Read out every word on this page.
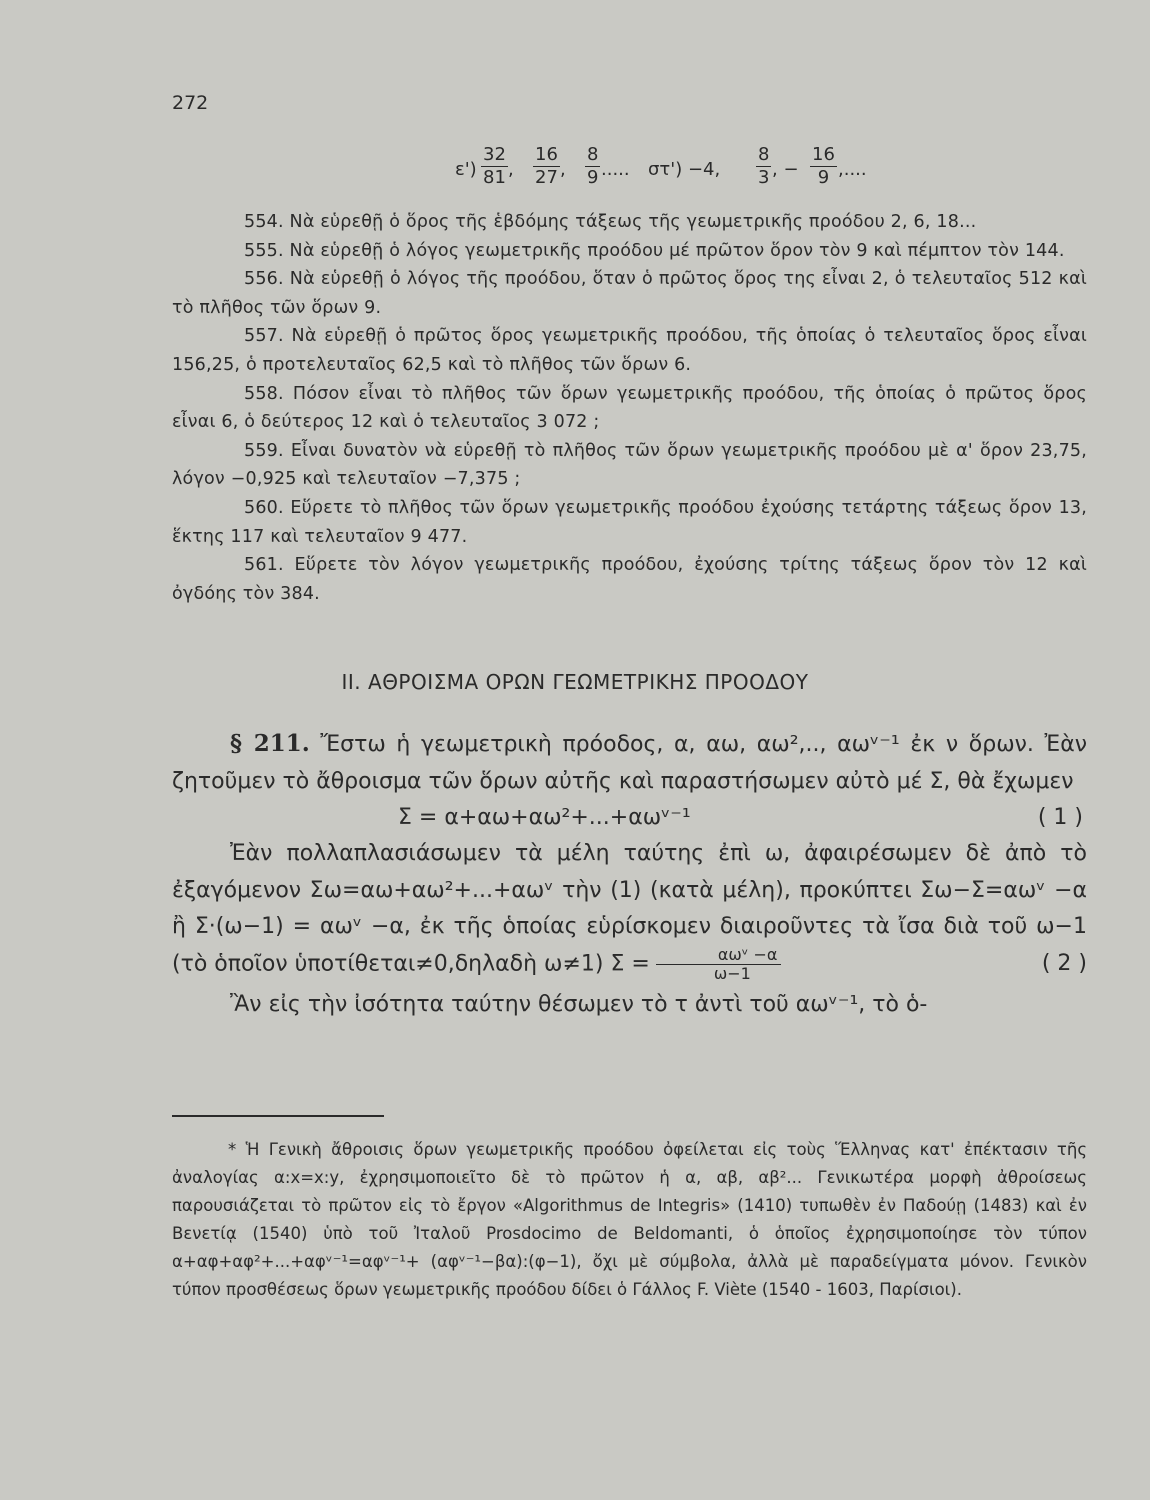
272
$\varepsilon') \frac{32}{81}$ , $\frac{16}{27}$ , $\frac{8}{9}$ ..... στ') −4, $\frac{8}{3}$ , − $\frac{16}{9}$ ,....

554. Νὰ εὑρεθῇ ὁ ὅρος τῆς ἑβδόμης τάξεως τῆς γεωμετρικῆς προόδου 2, 6, 18...

555. Νὰ εὑρεθῇ ὁ λόγος γεωμετρικῆς προόδου μέ πρῶτον ὅρον τὸν 9 καὶ πέμπτον τὸν 144.

556. Νὰ εὑρεθῇ ὁ λόγος τῆς προόδου, ὅταν ὁ πρῶτος ὅρος της εἶναι 2, ὁ τελευταῖος 512 καὶ τὸ πλῆθος τῶν ὅρων 9.

557. Νὰ εὑρεθῇ ὁ πρῶτος ὅρος γεωμετρικῆς προόδου, τῆς ὁποίας ὁ τελευταῖος ὅρος εἶναι 156,25, ὁ προτελευταῖος 62,5 καὶ τὸ πλῆθος τῶν ὅρων 6.

558. Πόσον εἶναι τὸ πλῆθος τῶν ὅρων γεωμετρικῆς προόδου, τῆς ὁποίας ὁ πρῶτος ὅρος εἶναι 6, ὁ δεύτερος 12 καὶ ὁ τελευταῖος 3 072 ;

559. Εἶναι δυνατὸν νὰ εὑρεθῇ τὸ πλῆθος τῶν ὅρων γεωμετρικῆς προόδου μὲ α' ὅρον 23,75, λόγον −0,925 καὶ τελευταῖον −7,375 ;

560. Εὕρετε τὸ πλῆθος τῶν ὅρων γεωμετρικῆς προόδου ἐχούσης τετάρτης τάξεως ὅρον 13, ἕκτης 117 καὶ τελευταῖον 9 477.

561. Εὕρετε τὸν λόγον γεωμετρικῆς προόδου, ἐχούσης τρίτης τάξεως ὅρον τὸν 12 καὶ ὀγδόης τὸν 384.

II. ΑΘΡΟΙΣΜΑ ΟΡΩΝ ΓΕΩΜΕΤΡΙΚΗΣ ΠΡΟΟΔΟΥ

§ 211. Ἔστω ἡ γεωμετρικὴ πρόοδος, α, αω, αω²,.., αωᵛ⁻¹ ἐκ ν ὅρων. Ἐὰν ζητοῦμεν τὸ ἄθροισμα τῶν ὅρων αὐτῆς καὶ παραστήσωμεν αὐτὸ μέ Σ, θὰ ἔχωμεν

Σ = α+αω+αω²+...+αωᵛ⁻¹	( 1 )

Ἐὰν πολλαπλασιάσωμεν τὰ μέλη ταύτης ἐπὶ ω, ἀφαιρέσωμεν δὲ ἀπὸ τὸ ἐξαγόμενον Σω=αω+αω²+...+αωᵛ τὴν (1) (κατὰ μέλη), προκύπτει Σω−Σ=αωᵛ −α ἢ Σ·(ω−1) = αωᵛ −α, ἐκ τῆς ὁποίας εὑρίσκομεν διαιροῦντες τὰ ἴσα διὰ τοῦ ω−1 (τὸ ὁποῖον ὑποτίθεται≠0,δηλαδὴ ω≠1) Σ =	αωᵛ −α
ω−1	( 2 )

Ἂν εἰς τὴν ἰσότητα ταύτην θέσωμεν τὸ τ ἀντὶ τοῦ αωᵛ⁻¹, τὸ ὁ-

* Ἡ Γενικὴ ἄθροισις ὅρων γεωμετρικῆς προόδου ὀφείλεται εἰς τοὺς Ἕλληνας κατ' ἐπέκτασιν τῆς ἀναλογίας α:x=x:y, ἐχρησιμοποιεῖτο δὲ τὸ πρῶτον ἡ α, αβ, αβ²... Γενικωτέρα μορφὴ ἀθροίσεως παρουσιάζεται τὸ πρῶτον εἰς τὸ ἔργον «Algorithmus de Integris» (1410) τυπωθὲν ἐν Παδούῃ (1483) καὶ ἐν Βενετίᾳ (1540) ὑπὸ τοῦ Ἰταλοῦ Prosdocimo de Beldomanti, ὁ ὁποῖος ἐχρησιμοποίησε τὸν τύπον α+αφ+αφ²+...+αφᵛ⁻¹=αφᵛ⁻¹+ (αφᵛ⁻¹−βα):(φ−1), ὄχι μὲ σύμβολα, ἀλλὰ μὲ παραδείγματα μόνον. Γενικὸν τύπον προσθέσεως ὅρων γεωμετρικῆς προόδου δίδει ὁ Γάλλος F. Viète (1540 - 1603, Παρίσιοι).
